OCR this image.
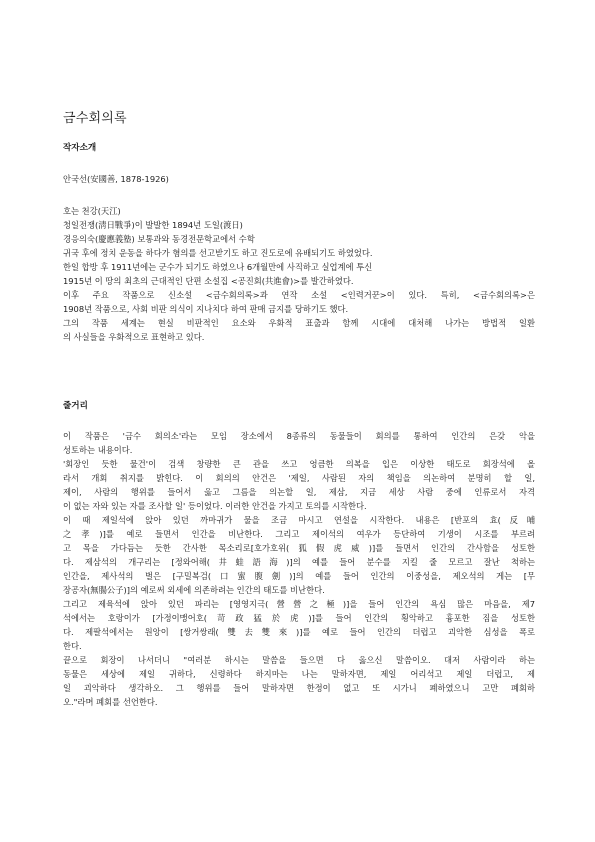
금수회의록
작자소개
안국선(安國善, 1878-1926)
호는 천강(天江)
청일전쟁(淸日戰爭)이 발발한 1894년 도일(渡日)
경응의숙(慶應義塾) 보통과와 동경전문학교에서 수학
귀국 후에 정치 운동을 하다가 혐의를 선고받기도 하고 진도로에 유배되기도 하였었다.
한일 합방 후 1911년에는 군수가 되기도 하였으나 6개월만에 사직하고 실업계에 투신
1915년 이 땅의 최초의 근대적인 단편 소설집 <공진회(共進會)>를 발간하였다.
이후 주요 작품으로 신소설 <금수회의록>과 연작 소설 <인력거꾼>이 있다. 특히, <금수회의록>은
1908년 작품으로, 사회 비판 의식이 지나치다 하여 판매 금지를 당하기도 했다.
그의 작품 세계는 현실 비판적인 요소와 우화적 표출과 함께 시대에 대처해 나가는 방법적 일환
의 사실들을 우화적으로 표현하고 있다.
줄거리
이 작품은 '금수 회의소'라는 모임 장소에서 8종류의 동물들이 회의를 통하여 인간의 은갖 악을
성토하는 내용이다.
'회장인 듯한 물건'이 검색 창량한 큰 관을 쓰고 엉큼한 의복을 입은 이상한 태도로 회장석에 올
라서 개회 취지를 밝힌다. 이 회의의 안건은 '제일, 사람된 자의 책임을 의논하여 분명히 할 일,
제이, 사람의 행위를 들어서 옳고 그름을 의논할 일, 제삼, 지금 세상 사람 중에 인류로서 자격
이 없는 자와 있는 자를 조사할 일' 등이었다. 이러한 안건을 가지고 토의를 시작한다.
이 때 제일석에 앉아 있던 까마귀가 물을 조금 마시고 연설을 시작한다. 내용은 [반포의 효(反哺
之孝)]를 예로 들면서 인간을 비난한다. 그리고 제이석의 여우가 등단하여 기생이 시조를 부르려
고 목을 가다듬는 듯한 간사한 목소리로[호가호위(狐假虎威)]를 들면서 인간의 간사함을 성토한
다. 제삼석의 개구리는 [정와어해(井蛙語海)]의 예를 들어 분수를 지킬 줄 모르고 잘난 척하는
인간을, 제사석의 벌은 [구밀복검(口蜜腹劍)]의 예를 들어 인간의 이중성을, 제오석의 게는 [무
장공자(無腸公子)]의 예로써 외세에 의존하려는 인간의 태도를 비난한다.
그리고 제육석에 앉아 있던 파리는 [영영지극(營營之極)]을 들어 인간의 욕심 많은 마음을, 제7
석에서는 호랑이가 [가정이맹어호(苛政猛於虎)]를 들어 인간의 횡악하고 흉포한 짐을 성토한
다. 제팔석에서는 원앙이 [쌍거쌍래(雙去雙來)]를 예로 들어 인간의 더럽고 괴악한 심성을 폭로
한다.
끝으로 회장이 나서더니 "여러분 하시는 말씀을 들으면 다 옳으신 말씀이오. 대저 사람이라 하는
동물은 세상에 제일 귀하다, 신령하다 하지마는 나는 말하자면, 제일 어리석고 제일 더럽고, 제
일 괴악하다 생각하오. 그 행위를 들어 말하자면 한정이 없고 또 시가니 폐하였으니 고만 폐회하
오."라며 폐회를 선언한다.
